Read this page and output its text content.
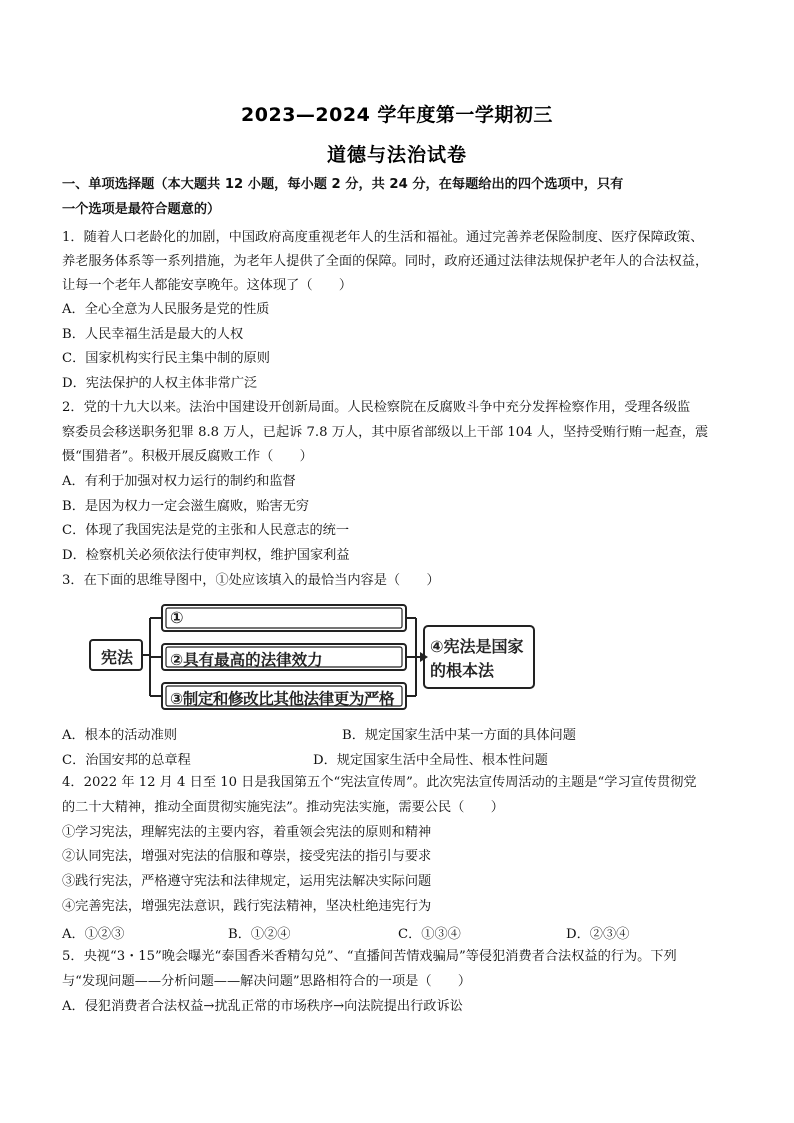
2023—2024 学年度第一学期初三
道德与法治试卷
一、单项选择题（本大题共 12 小题，每小题 2 分，共 24 分，在每题给出的四个选项中，只有
一个选项是最符合题意的）
1．随着人口老龄化的加剧，中国政府高度重视老年人的生活和福祉。通过完善养老保险制度、医疗保障政策、
养老服务体系等一系列措施，为老年人提供了全面的保障。同时，政府还通过法律法规保护老年人的合法权益，
让每一个老年人都能安享晚年。这体现了（　　）
A．全心全意为人民服务是党的性质
B．人民幸福生活是最大的人权
C．国家机构实行民主集中制的原则
D．宪法保护的人权主体非常广泛
2．党的十九大以来。法治中国建设开创新局面。人民检察院在反腐败斗争中充分发挥检察作用，受理各级监
察委员会移送职务犯罪 8.8 万人，已起诉 7.8 万人，其中原省部级以上干部 104 人，坚持受贿行贿一起查，震
慑“围猎者”。积极开展反腐败工作（　　）
A．有利于加强对权力运行的制约和监督
B．是因为权力一定会滋生腐败，贻害无穷
C．体现了我国宪法是党的主张和人民意志的统一
D．检察机关必须依法行使审判权，维护国家利益
3．在下面的思维导图中，①处应该填入的最恰当内容是（　　）
宪法
①
②具有最高的法律效力
③制定和修改比其他法律更为严格
④宪法是国家
的根本法
A．根本的活动准则	B．规定国家生活中某一方面的具体问题
C．治国安邦的总章程	D．规定国家生活中全局性、根本性问题
4．2022 年 12 月 4 日至 10 日是我国第五个“宪法宣传周”。此次宪法宣传周活动的主题是“学习宣传贯彻党
的二十大精神，推动全面贯彻实施宪法”。推动宪法实施，需要公民（　　）
①学习宪法，理解宪法的主要内容，着重领会宪法的原则和精神
②认同宪法，增强对宪法的信服和尊崇，接受宪法的指引与要求
③践行宪法，严格遵守宪法和法律规定，运用宪法解决实际问题
④完善宪法，增强宪法意识，践行宪法精神，坚决杜绝违宪行为
A．①②③	B．①②④	C．①③④	D．②③④
5．央视“3・15”晚会曝光“泰国香米香精勾兑”、“直播间苦情戏骗局”等侵犯消费者合法权益的行为。下列
与“发现问题——分析问题——解决问题”思路相符合的一项是（　　）
A．侵犯消费者合法权益→扰乱正常的市场秩序→向法院提出行政诉讼
